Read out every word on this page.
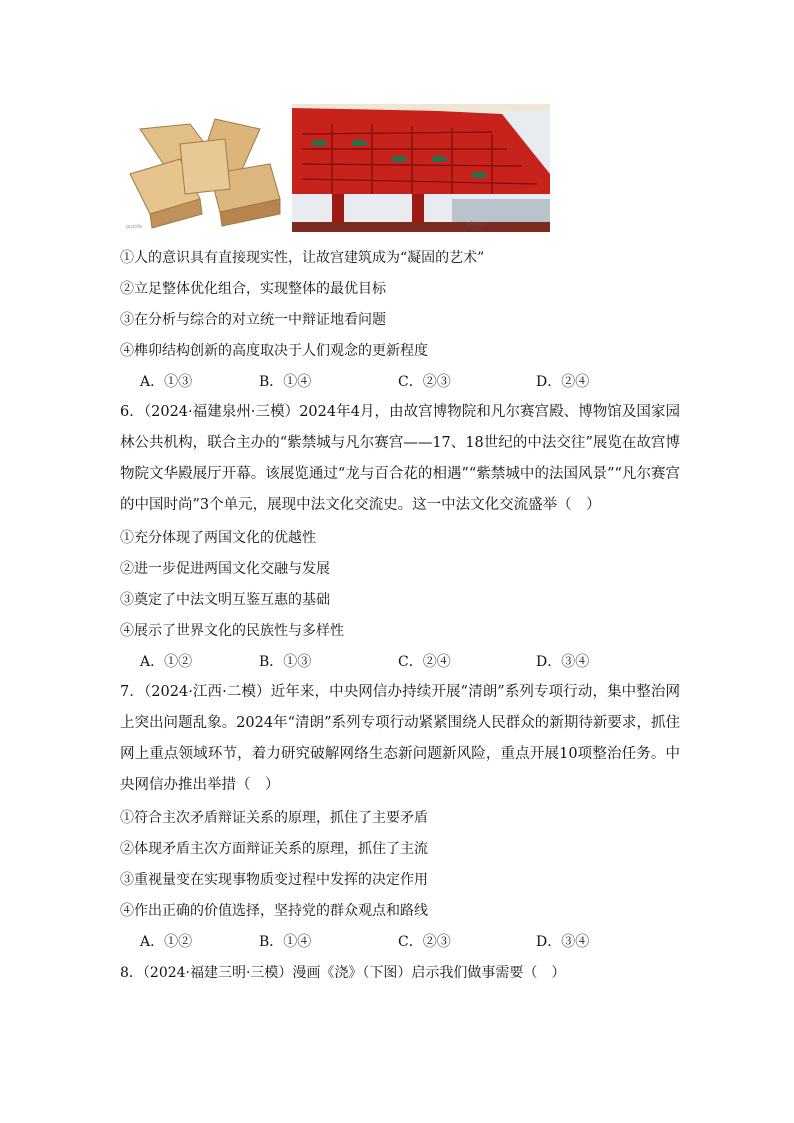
puzzle	photo
①人的意识具有直接现实性，让故宫建筑成为“凝固的艺术”
②立足整体优化组合，实现整体的最优目标
③在分析与综合的对立统一中辩证地看问题
④榫卯结构创新的高度取决于人们观念的更新程度
A．①③	B．①④	C．②③	D．②④
6．（2024·福建泉州·三模）2024年4月，由故宫博物院和凡尔赛宫殿、博物馆及国家园林公共机构，联合主办的“紫禁城与凡尔赛宫——17、18世纪的中法交往”展览在故宫博物院文华殿展厅开幕。该展览通过“龙与百合花的相遇”“紫禁城中的法国风景”“凡尔赛宫的中国时尚”3个单元，展现中法文化交流史。这一中法文化交流盛举（　）
①充分体现了两国文化的优越性
②进一步促进两国文化交融与发展
③奠定了中法文明互鉴互惠的基础
④展示了世界文化的民族性与多样性
A．①②	B．①③	C．②④	D．③④
7．（2024·江西·二模）近年来，中央网信办持续开展“清朗”系列专项行动，集中整治网上突出问题乱象。2024年“清朗”系列专项行动紧紧围绕人民群众的新期待新要求，抓住网上重点领域环节，着力研究破解网络生态新问题新风险，重点开展10项整治任务。中央网信办推出举措（　）
①符合主次矛盾辩证关系的原理，抓住了主要矛盾
②体现矛盾主次方面辩证关系的原理，抓住了主流
③重视量变在实现事物质变过程中发挥的决定作用
④作出正确的价值选择，坚持党的群众观点和路线
A．①②	B．①④	C．②③	D．③④
8．（2024·福建三明·三模）漫画《浇》（下图）启示我们做事需要（　）
